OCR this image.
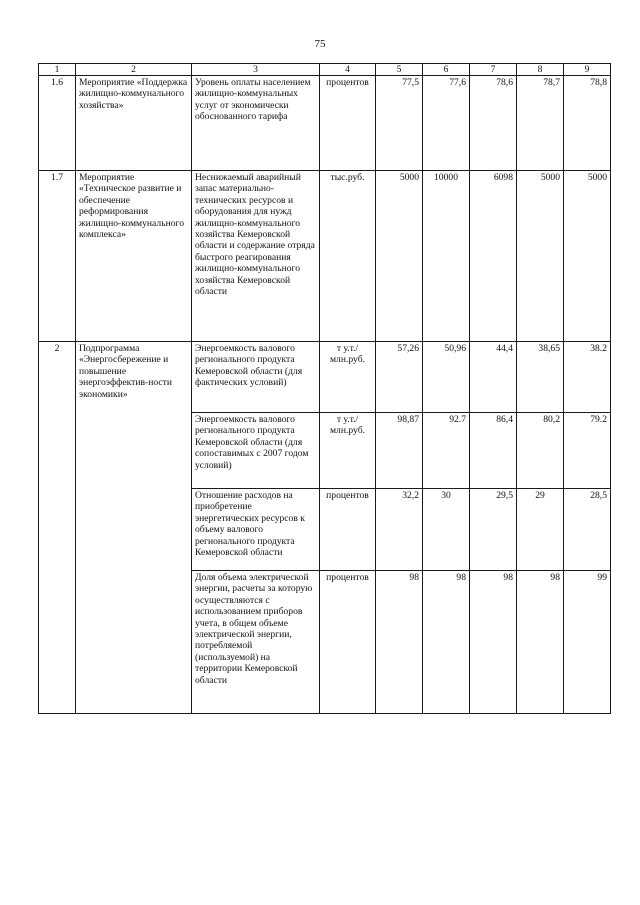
75
1	2	3	4	5	6	7	8	9
1.6	Мероприятие «Поддержка жилищно-коммунального хозяйства»	Уровень оплаты населением жилищно-коммунальных услуг от экономически обоснованного тарифа	процентов	77,5	77,6	78,6	78,7	78,8
1.7	Мероприятие «Техническое развитие и обеспечение реформирования жилищно-коммунального комплекса»	Неснижаемый аварийный запас материально-технических ресурсов и оборудования для нужд жилищно-коммунального хозяйства Кемеровской области и содержание отряда быстрого реагирования жилищно-коммунального хозяйства Кемеровской области	тыс.руб.	5000	10000	6098	5000	5000
2	Подпрограмма «Энергосбережение и повышение энергоэффектив-ности экономики»	Энергоемкость валового регионального продукта Кемеровской области (для фактических условий)	т у.т./ млн.руб.	57,26	50,96	44,4	38,65	38.2
		Энергоемкость валового регионального продукта Кемеровской области (для сопоставимых с 2007 годом условий)	т у.т./ млн.руб.	98,87	92.7	86,4	80,2	79.2
		Отношение расходов на приобретение энергетических ресурсов к объему валового регионального продукта Кемеровской области	процентов	32,2	30	29,5	29	28,5
		Доля объема электрической энергии, расчеты за которую осуществляются с использованием приборов учета, в общем объеме электрической энергии, потребляемой (используемой) на территории Кемеровской области	процентов	98	98	98	98	99
